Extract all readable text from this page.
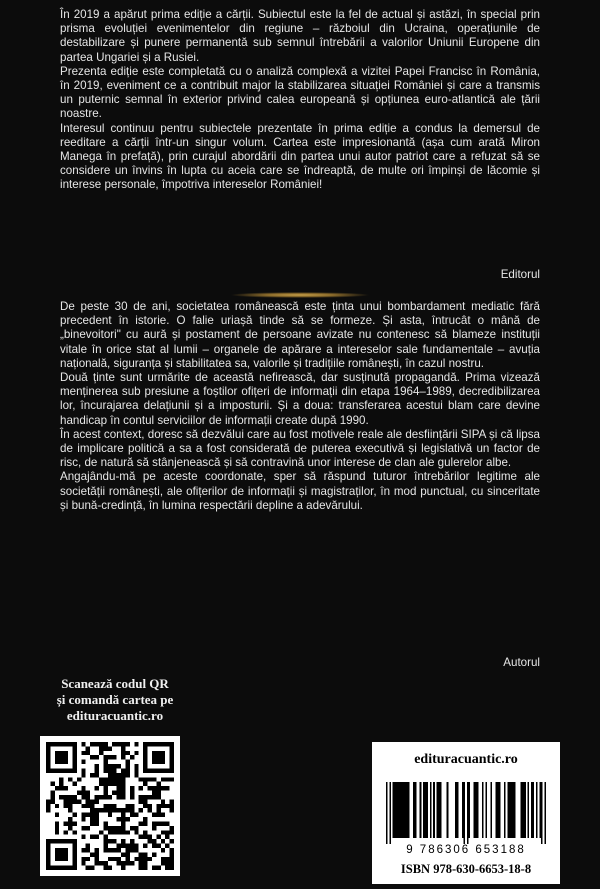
În 2019 a apărut prima ediție a cărții. Subiectul este la fel de actual și astăzi, în special prin prisma evoluției evenimentelor din regiune – războiul din Ucraina, operațiunile de destabilizare și punere permanentă sub semnul întrebării a valorilor Uniunii Europene din partea Ungariei și a Rusiei.

Prezenta ediție este completată cu o analiză complexă a vizitei Papei Francisc în România, în 2019, eveniment ce a contribuit major la stabilizarea situației României și care a transmis un puternic semnal în exterior privind calea europeană și opțiunea euro-atlantică ale țării noastre.

Interesul continuu pentru subiectele prezentate în prima ediție a condus la demersul de reeditare a cărții într-un singur volum. Cartea este impresionantă (așa cum arată Miron Manega în prefață), prin curajul abordării din partea unui autor patriot care a refuzat să se considere un învins în lupta cu aceia care se îndreaptă, de multe ori împinși de lăcomie și interese personale, împotriva intereselor României!

Editorul

De peste 30 de ani, societatea românească este ținta unui bombardament mediatic fără precedent în istorie. O falie uriașă tinde să se formeze. Și asta, întrucât o mână de „binevoitori" cu aură și postament de persoane avizate nu contenesc să blameze instituții vitale în orice stat al lumii – organele de apărare a intereselor sale fundamentale – avuția națională, siguranța și stabilitatea sa, valorile și tradițiile românești, în cazul nostru.

Două ținte sunt urmărite de această nefirească, dar susținută propagandă. Prima vizează menținerea sub presiune a foștilor ofițeri de informații din etapa 1964–1989, decredibilizarea lor, încurajarea delațiunii și a imposturii. Și a doua: transferarea acestui blam care devine handicap în contul serviciilor de informații create după 1990.

În acest context, doresc să dezvălui care au fost motivele reale ale desființării SIPA și că lipsa de implicare politică a sa a fost considerată de puterea executivă și legislativă un factor de risc, de natură să stânjenească și să contravină unor interese de clan ale gulerelor albe.

Angajându-mă pe aceste coordonate, sper să răspund tuturor întrebărilor legitime ale societății românești, ale ofițerilor de informații și magistraților, în mod punctual, cu sinceritate și bună-credință, în lumina respectării depline a adevărului.

Autorul
Scanează codul QR
și comandă cartea pe
edituracuantic.ro
edituracuantic.ro
9 786306 653188
ISBN 978-630-6653-18-8
